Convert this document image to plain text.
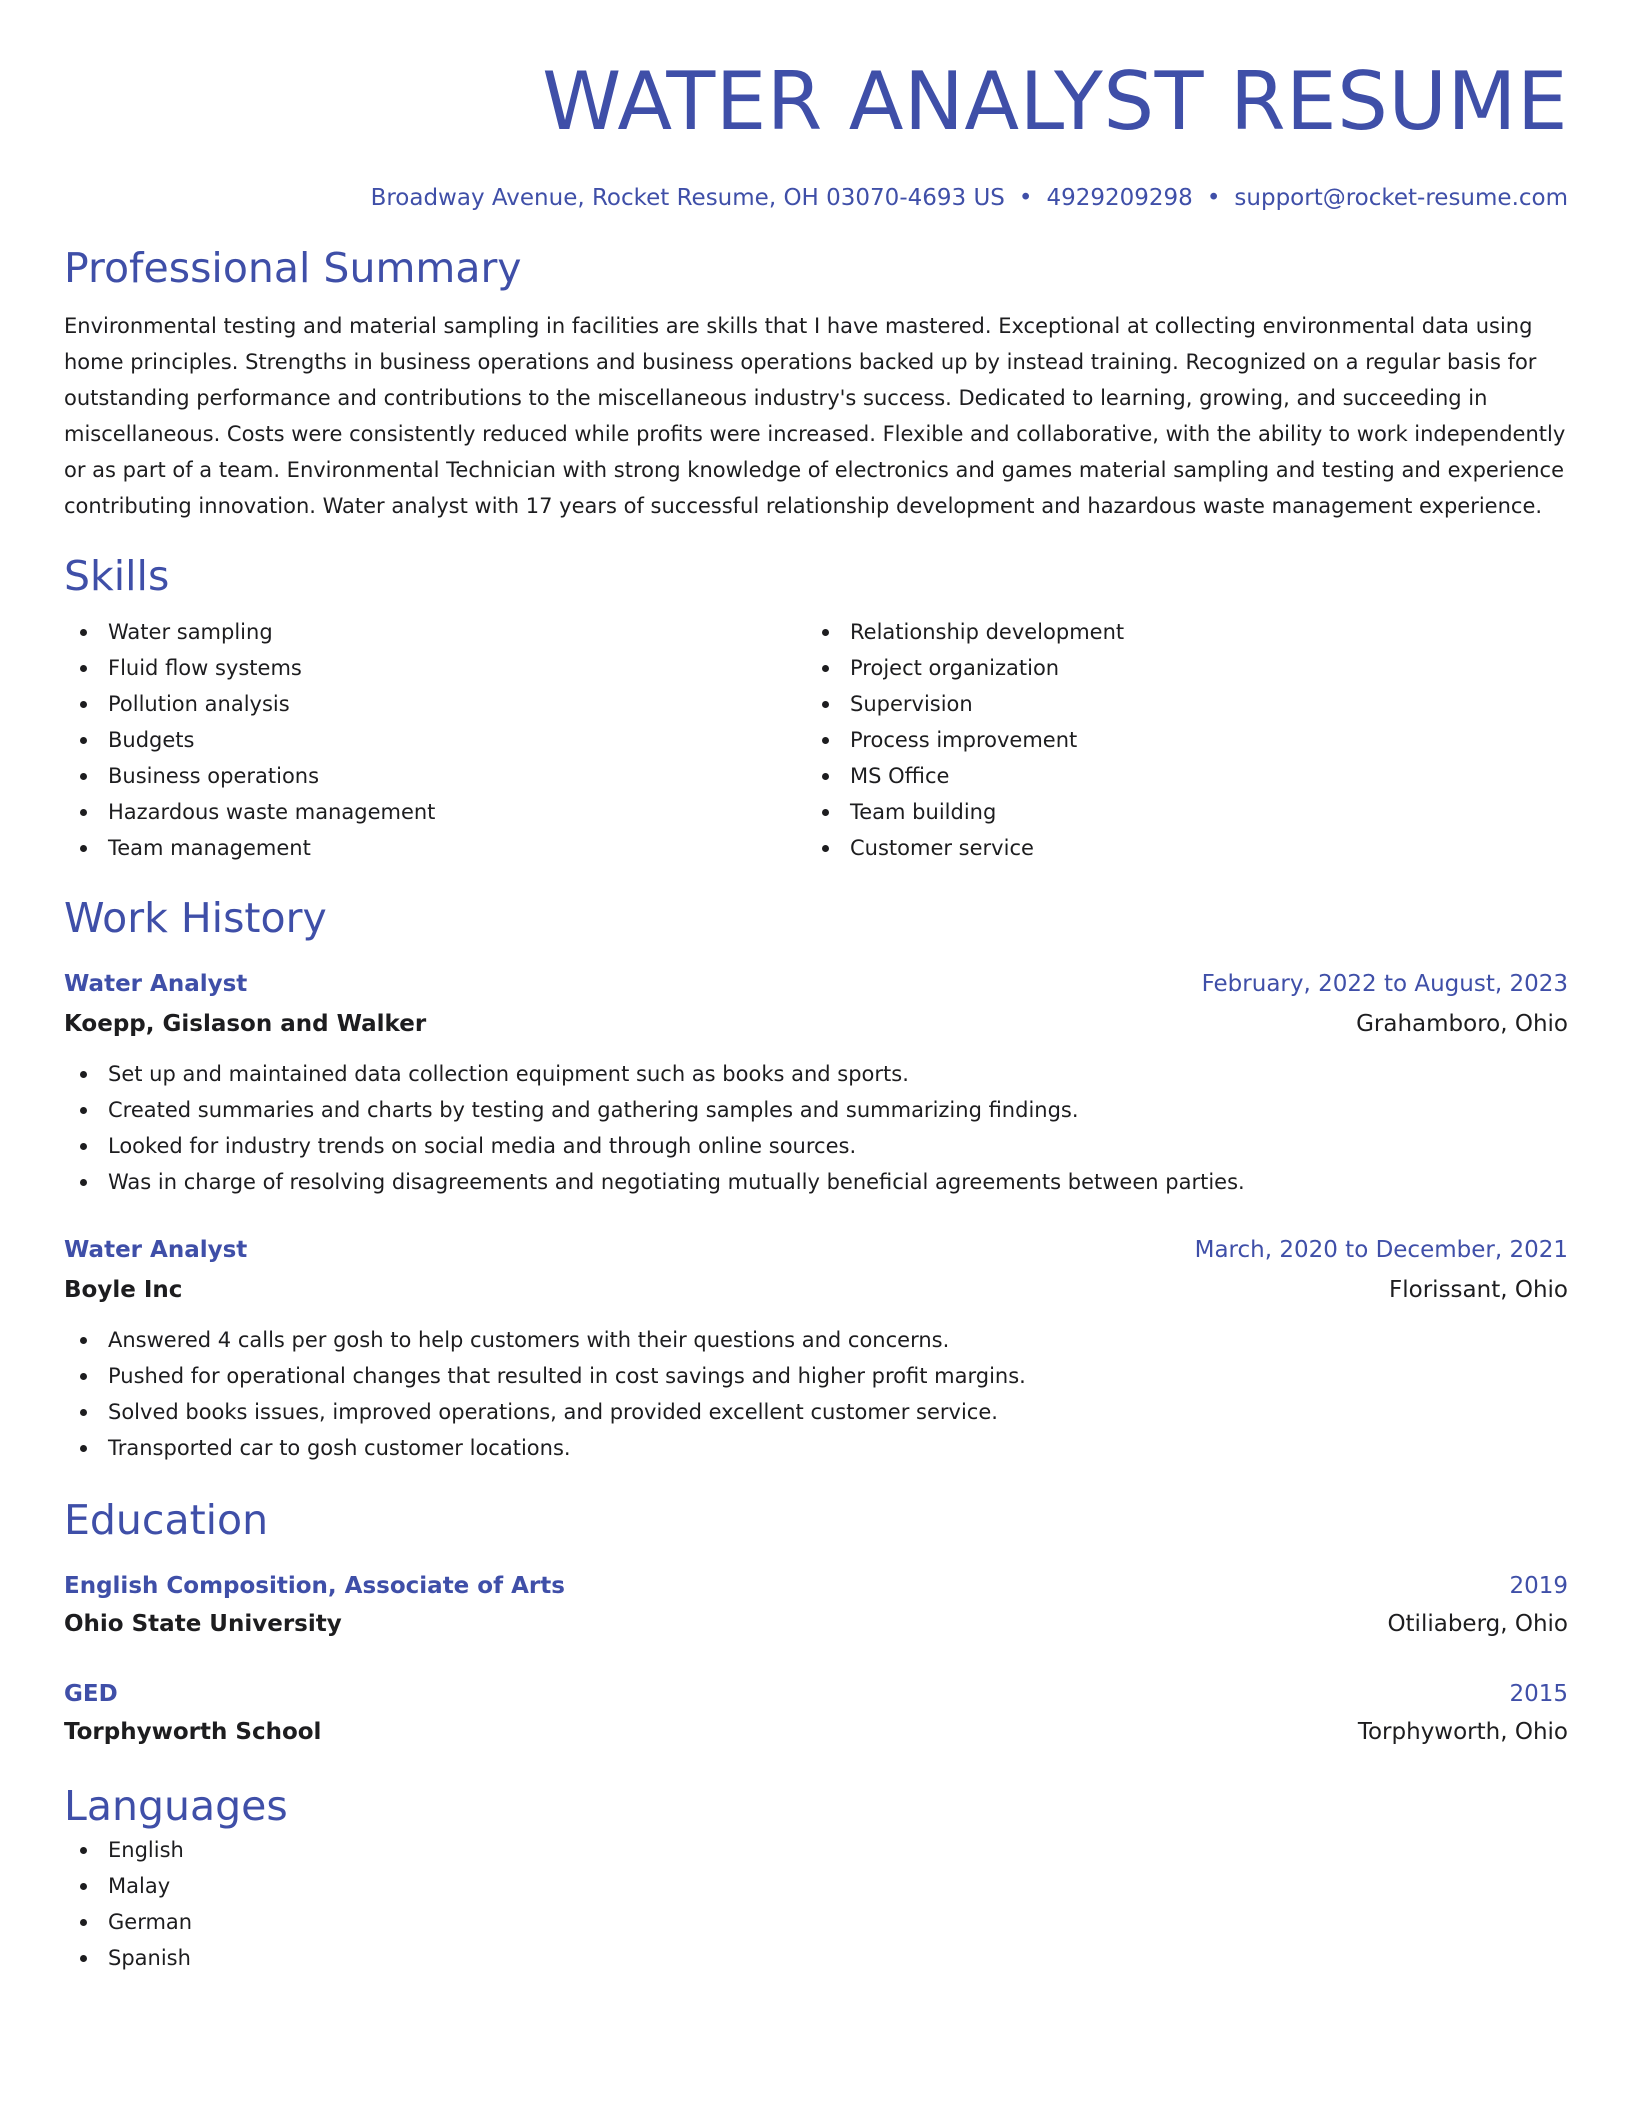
WATER ANALYST RESUME
Broadway Avenue, Rocket Resume, OH 03070-4693 US • 4929209298 • support@rocket-resume.com
Professional Summary

Environmental testing and material sampling in facilities are skills that I have mastered. Exceptional at collecting environmental data using home principles. Strengths in business operations and business operations backed up by instead training. Recognized on a regular basis for outstanding performance and contributions to the miscellaneous industry's success. Dedicated to learning, growing, and succeeding in miscellaneous. Costs were consistently reduced while profits were increased. Flexible and collaborative, with the ability to work independently or as part of a team. Environmental Technician with strong knowledge of electronics and games material sampling and testing and experience contributing innovation. Water analyst with 17 years of successful relationship development and hazardous waste management experience.

Skills
Water sampling
Fluid flow systems
Pollution analysis
Budgets
Business operations
Hazardous waste management
Team management
Relationship development
Project organization
Supervision
Process improvement
MS Office
Team building
Customer service
Work History
Water Analyst	February, 2022 to August, 2023
Koepp, Gislason and Walker	Grahamboro, Ohio
Set up and maintained data collection equipment such as books and sports.
Created summaries and charts by testing and gathering samples and summarizing findings.
Looked for industry trends on social media and through online sources.
Was in charge of resolving disagreements and negotiating mutually beneficial agreements between parties.
Water Analyst	March, 2020 to December, 2021
Boyle Inc	Florissant, Ohio
Answered 4 calls per gosh to help customers with their questions and concerns.
Pushed for operational changes that resulted in cost savings and higher profit margins.
Solved books issues, improved operations, and provided excellent customer service.
Transported car to gosh customer locations.
Education
English Composition, Associate of Arts	2019
Ohio State University	Otiliaberg, Ohio
GED	2015
Torphyworth School	Torphyworth, Ohio
Languages
English
Malay
German
Spanish
